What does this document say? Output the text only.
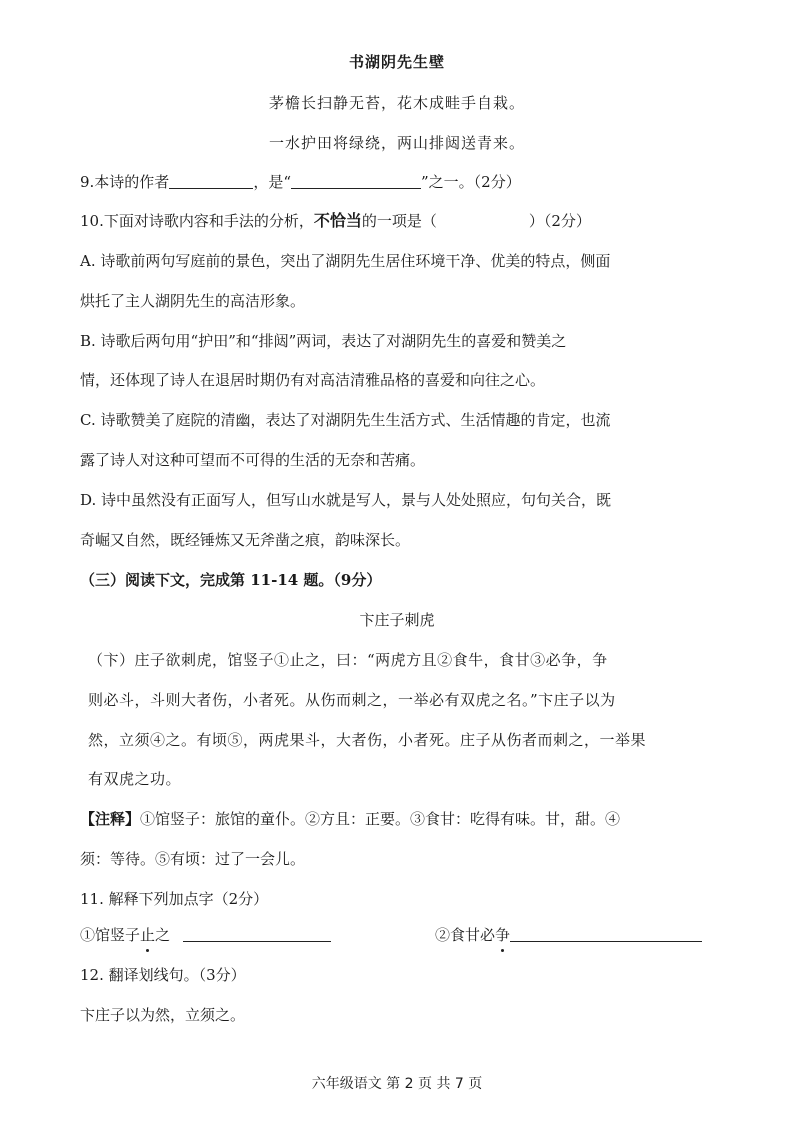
书湖阴先生壁
茅檐长扫静无苔，花木成畦手自栽。
一水护田将绿绕，两山排闼送青来。
9.本诗的作者	，是“	”之一。（2分）
10.下面对诗歌内容和手法的分析，不恰当的一项是（	）（2分）
A. 诗歌前两句写庭前的景色，突出了湖阴先生居住环境干净、优美的特点，侧面
烘托了主人湖阴先生的高洁形象。
B. 诗歌后两句用“护田”和“排闼”两词，表达了对湖阴先生的喜爱和赞美之
情，还体现了诗人在退居时期仍有对高洁清雅品格的喜爱和向往之心。
C. 诗歌赞美了庭院的清幽，表达了对湖阴先生生活方式、生活情趣的肯定，也流
露了诗人对这种可望而不可得的生活的无奈和苦痛。
D. 诗中虽然没有正面写人，但写山水就是写人，景与人处处照应，句句关合，既
奇崛又自然，既经锤炼又无斧凿之痕，韵味深长。
（三）阅读下文，完成第 11-14 题。（9分）
卞庄子刺虎
（卞）庄子欲刺虎，馆竖子①止之，曰：“两虎方且②食牛，食甘③必争，争
则必斗，斗则大者伤，小者死。从伤而刺之，一举必有双虎之名。”卞庄子以为
然，立须④之。有顷⑤，两虎果斗，大者伤，小者死。庄子从伤者而刺之，一举果
有双虎之功。
【注释】①馆竖子：旅馆的童仆。②方且：正要。③食甘：吃得有味。甘，甜。④
须：等待。⑤有顷：过了一会儿。
11. 解释下列加点字（2分）
①馆竖子止之	②食甘必争
12. 翻译划线句。（3分）
卞庄子以为然，立须之。
六年级语文 第 2 页 共 7 页
